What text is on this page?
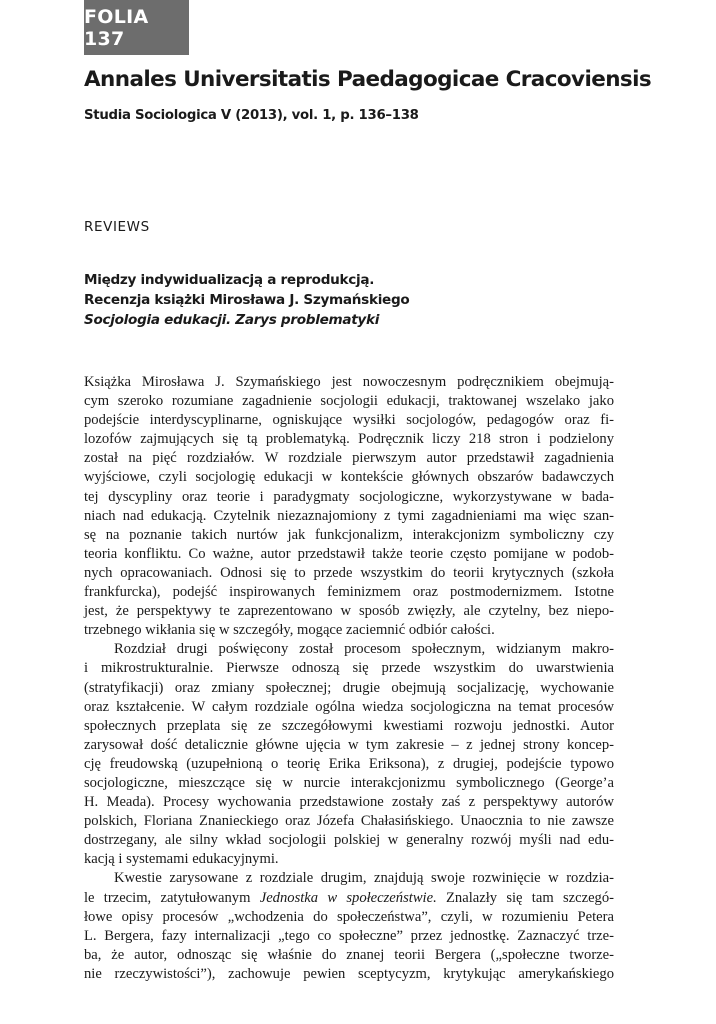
FOLIA 137
Annales Universitatis Paedagogicae Cracoviensis

Studia Sociologica V (2013), vol. 1, p. 136–138

REVIEWS

Między indywidualizacją a reprodukcją.
Recenzja książki Mirosława J. Szymańskiego
Socjologia edukacji. Zarys problematyki
Książka Mirosława J. Szymańskiego jest nowoczesnym podręcznikiem obejmują-
cym szeroko rozumiane zagadnienie socjologii edukacji, traktowanej wszelako jako
podejście interdyscyplinarne, ogniskujące wysiłki socjologów, pedagogów oraz fi-
lozofów zajmujących się tą problematyką. Podręcznik liczy 218 stron i podzielony
został na pięć rozdziałów. W rozdziale pierwszym autor przedstawił zagadnienia
wyjściowe, czyli socjologię edukacji w kontekście głównych obszarów badawczych
tej dyscypliny oraz teorie i paradygmaty socjologiczne, wykorzystywane w bada-
niach nad edukacją. Czytelnik niezaznajomiony z tymi zagadnieniami ma więc szan-
sę na poznanie takich nurtów jak funkcjonalizm, interakcjonizm symboliczny czy
teoria konfliktu. Co ważne, autor przedstawił także teorie często pomijane w podob-
nych opracowaniach. Odnosi się to przede wszystkim do teorii krytycznych (szkoła
frankfurcka), podejść inspirowanych feminizmem oraz postmodernizmem. Istotne
jest, że perspektywy te zaprezentowano w sposób zwięzły, ale czytelny, bez niepo-
trzebnego wikłania się w szczegóły, mogące zaciemnić odbiór całości.
Rozdział drugi poświęcony został procesom społecznym, widzianym makro-
i mikrostrukturalnie. Pierwsze odnoszą się przede wszystkim do uwarstwienia
(stratyfikacji) oraz zmiany społecznej; drugie obejmują socjalizację, wychowanie
oraz kształcenie. W całym rozdziale ogólna wiedza socjologiczna na temat procesów
społecznych przeplata się ze szczegółowymi kwestiami rozwoju jednostki. Autor
zarysował dość detalicznie główne ujęcia w tym zakresie – z jednej strony koncep-
cję freudowską (uzupełnioną o teorię Erika Eriksona), z drugiej, podejście typowo
socjologiczne, mieszczące się w nurcie interakcjonizmu symbolicznego (George’a
H. Meada). Procesy wychowania przedstawione zostały zaś z perspektywy autorów
polskich, Floriana Znanieckiego oraz Józefa Chałasińskiego. Unaocznia to nie zawsze
dostrzegany, ale silny wkład socjologii polskiej w generalny rozwój myśli nad edu-
kacją i systemami edukacyjnymi.
Kwestie zarysowane z rozdziale drugim, znajdują swoje rozwinięcie w rozdzia-
le trzecim, zatytułowanym Jednostka w społeczeństwie. Znalazły się tam szczegó-
łowe opisy procesów „wchodzenia do społeczeństwa”, czyli, w rozumieniu Petera
L. Bergera, fazy internalizacji „tego co społeczne” przez jednostkę. Zaznaczyć trze-
ba, że autor, odnosząc się właśnie do znanej teorii Bergera („społeczne tworze-
nie rzeczywistości”), zachowuje pewien sceptycyzm, krytykując amerykańskiego
